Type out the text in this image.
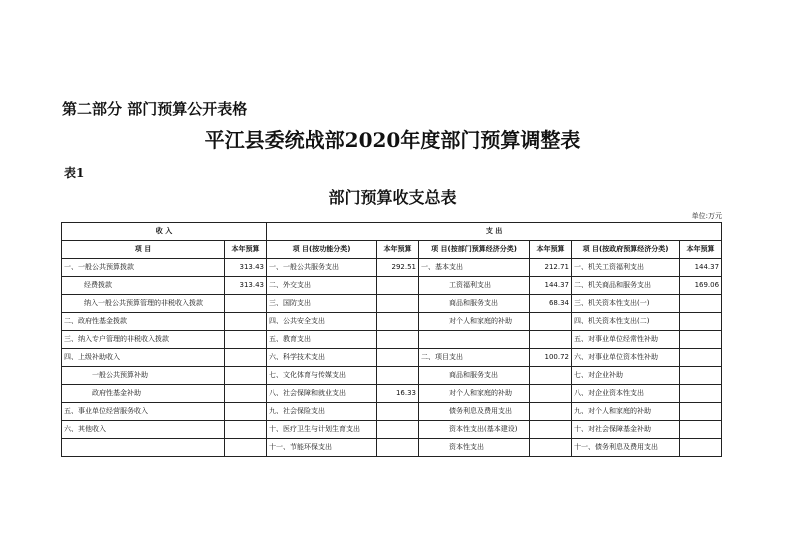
第二部分 部门预算公开表格
平江县委统战部2020年度部门预算调整表
表1
部门预算收支总表
单位:万元
收 入		支 出					
项 目	本年预算	项 目(按功能分类)	本年预算	项 目(按部门预算经济分类)	本年预算	项 目(按政府预算经济分类)	本年预算
一、一般公共预算拨款	313.43	一、一般公共服务支出	292.51	一、基本支出	212.71	一、机关工资福利支出	144.37
经费拨款	313.43	二、外交支出		工资福利支出	144.37	二、机关商品和服务支出	169.06
纳入一般公共预算管理的非税收入拨款		三、国防支出		商品和服务支出	68.34	三、机关资本性支出(一)	
二、政府性基金拨款		四、公共安全支出		对个人和家庭的补助		四、机关资本性支出(二)	
三、纳入专户管理的非税收入拨款		五、教育支出				五、对事业单位经常性补助	
四、上级补助收入		六、科学技术支出		二、项目支出	100.72	六、对事业单位资本性补助	
一般公共预算补助		七、文化体育与传媒支出		商品和服务支出		七、对企业补助	
政府性基金补助		八、社会保障和就业支出	16.33	对个人和家庭的补助		八、对企业资本性支出	
五、事业单位经营服务收入		九、社会保险支出		债务利息及费用支出		九、对个人和家庭的补助	
六、其他收入		十、医疗卫生与计划生育支出		资本性支出(基本建设)		十、对社会保障基金补助	
		十一、节能环保支出		资本性支出		十一、债务利息及费用支出	
